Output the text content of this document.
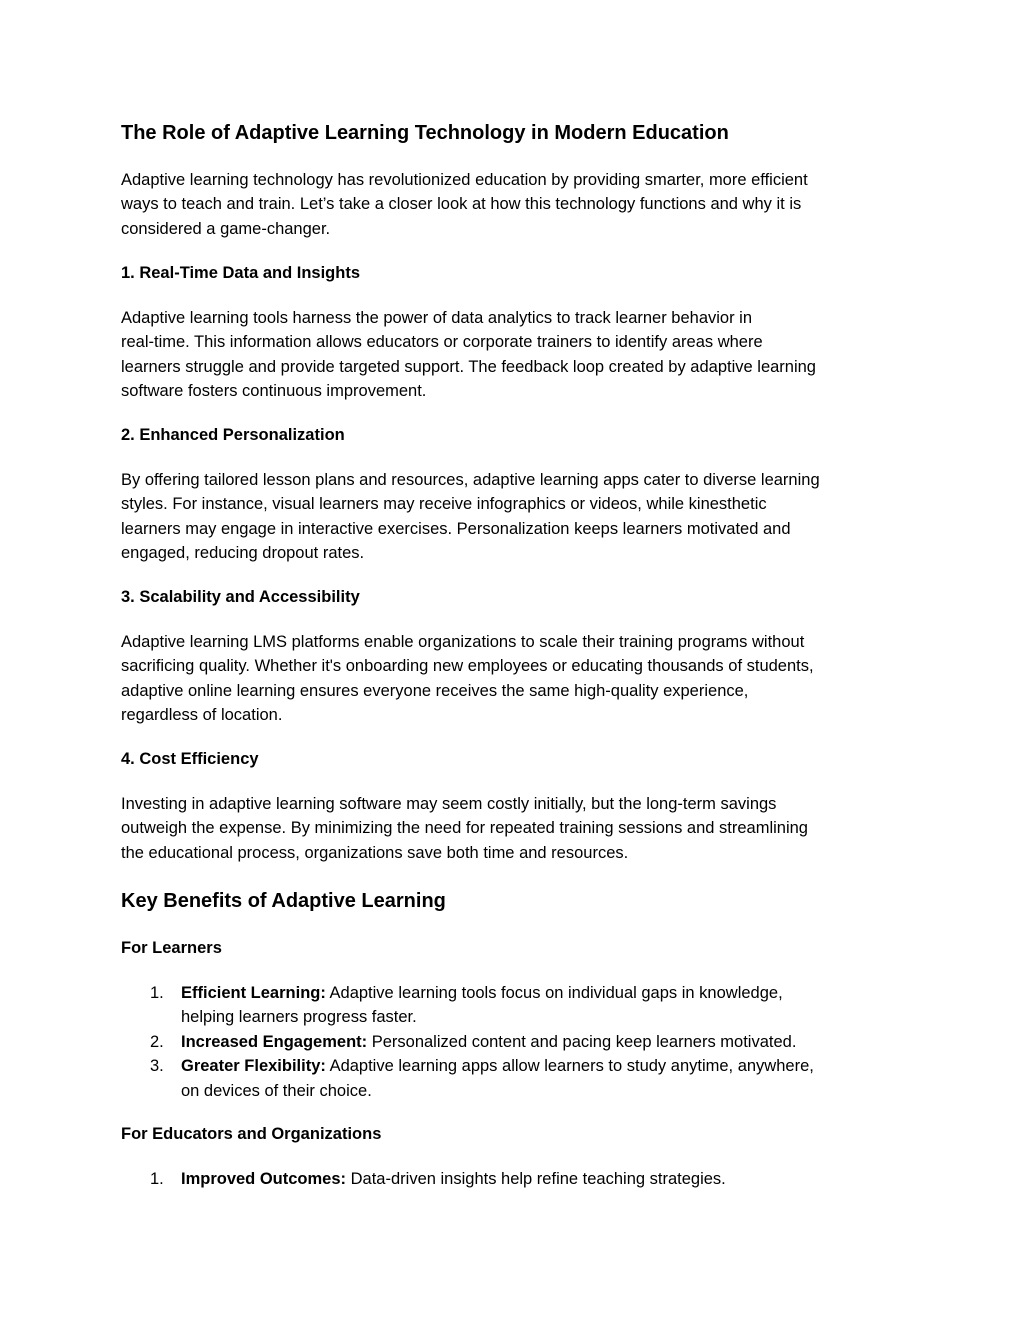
The Role of Adaptive Learning Technology in Modern Education
Adaptive learning technology has revolutionized education by providing smarter, more efficient
ways to teach and train. Let’s take a closer look at how this technology functions and why it is
considered a game-changer.
1. Real-Time Data and Insights
Adaptive learning tools harness the power of data analytics to track learner behavior in
real-time. This information allows educators or corporate trainers to identify areas where
learners struggle and provide targeted support. The feedback loop created by adaptive learning
software fosters continuous improvement.
2. Enhanced Personalization
By offering tailored lesson plans and resources, adaptive learning apps cater to diverse learning
styles. For instance, visual learners may receive infographics or videos, while kinesthetic
learners may engage in interactive exercises. Personalization keeps learners motivated and
engaged, reducing dropout rates.
3. Scalability and Accessibility
Adaptive learning LMS platforms enable organizations to scale their training programs without
sacrificing quality. Whether it's onboarding new employees or educating thousands of students,
adaptive online learning ensures everyone receives the same high-quality experience,
regardless of location.
4. Cost Efficiency
Investing in adaptive learning software may seem costly initially, but the long-term savings
outweigh the expense. By minimizing the need for repeated training sessions and streamlining
the educational process, organizations save both time and resources.
Key Benefits of Adaptive Learning
For Learners
1.	Efficient Learning: Adaptive learning tools focus on individual gaps in knowledge,
helping learners progress faster.
2.	Increased Engagement: Personalized content and pacing keep learners motivated.
3.	Greater Flexibility: Adaptive learning apps allow learners to study anytime, anywhere,
on devices of their choice.
For Educators and Organizations
1.	Improved Outcomes: Data-driven insights help refine teaching strategies.
